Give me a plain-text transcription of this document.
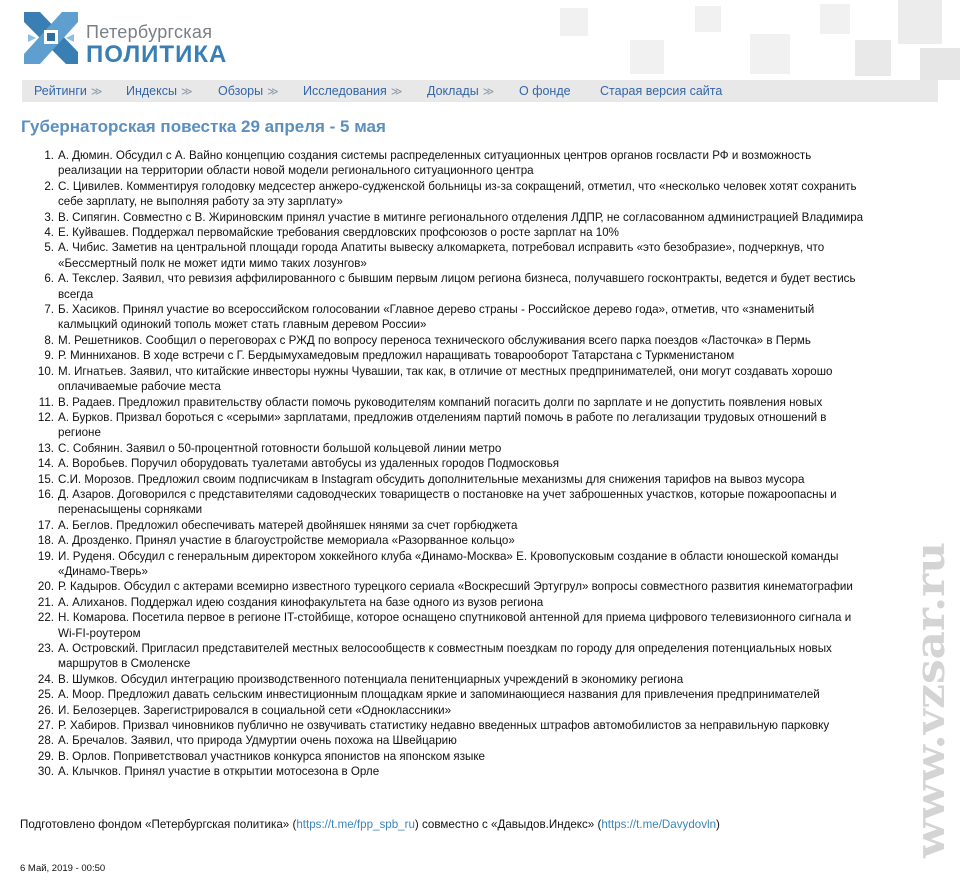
Петербургская
ПОЛИТИКА
Рейтинги ≫ Индексы ≫ Обзоры ≫ Исследования ≫ Доклады ≫ О фонде Старая версия сайта
Губернаторская повестка 29 апреля - 5 мая
1. А. Дюмин. Обсудил с А. Вайно концепцию создания системы распределенных ситуационных центров органов госвласти РФ и возможность
реализации на территории области новой модели регионального ситуационного центра
2. С. Цивилев. Комментируя голодовку медсестер анжеро-судженской больницы из-за сокращений, отметил, что «несколько человек хотят сохранить
себе зарплату, не выполняя работу за эту зарплату»
3. В. Сипягин. Совместно с В. Жириновским принял участие в митинге регионального отделения ЛДПР, не согласованном администрацией Владимира
4. Е. Куйвашев. Поддержал первомайские требования свердловских профсоюзов о росте зарплат на 10%
5. А. Чибис. Заметив на центральной площади города Апатиты вывеску алкомаркета, потребовал исправить «это безобразие», подчеркнув, что
«Бессмертный полк не может идти мимо таких лозунгов»
6. А. Текслер. Заявил, что ревизия аффилированного с бывшим первым лицом региона бизнеса, получавшего госконтракты, ведется и будет вестись
всегда
7. Б. Хасиков. Принял участие во всероссийском голосовании «Главное дерево страны - Российское дерево года», отметив, что «знаменитый
калмыцкий одинокий тополь может стать главным деревом России»
8. М. Решетников. Сообщил о переговорах с РЖД по вопросу переноса технического обслуживания всего парка поездов «Ласточка» в Пермь
9. Р. Минниханов. В ходе встречи с Г. Бердымухамедовым предложил наращивать товарооборот Татарстана с Туркменистаном
10. М. Игнатьев. Заявил, что китайские инвесторы нужны Чувашии, так как, в отличие от местных предпринимателей, они могут создавать хорошо
оплачиваемые рабочие места
11. В. Радаев. Предложил правительству области помочь руководителям компаний погасить долги по зарплате и не допустить появления новых
12. А. Бурков. Призвал бороться с «серыми» зарплатами, предложив отделениям партий помочь в работе по легализации трудовых отношений в
регионе
13. С. Собянин. Заявил о 50-процентной готовности большой кольцевой линии метро
14. А. Воробьев. Поручил оборудовать туалетами автобусы из удаленных городов Подмосковья
15. С.И. Морозов. Предложил своим подписчикам в Instagram обсудить дополнительные механизмы для снижения тарифов на вывоз мусора
16. Д. Азаров. Договорился с представителями садоводческих товариществ о постановке на учет заброшенных участков, которые пожароопасны и
перенасыщены сорняками
17. А. Беглов. Предложил обеспечивать матерей двойняшек нянями за счет горбюджета
18. А. Дрозденко. Принял участие в благоустройстве мемориала «Разорванное кольцо»
19. И. Руденя. Обсудил с генеральным директором хоккейного клуба «Динамо-Москва» Е. Кровопусковым создание в области юношеской команды
«Динамо-Тверь»
20. Р. Кадыров. Обсудил с актерами всемирно известного турецкого сериала «Воскресший Эртугрул» вопросы совместного развития кинематографии
21. А. Алиханов. Поддержал идею создания кинофакультета на базе одного из вузов региона
22. Н. Комарова. Посетила первое в регионе IT-стойбище, которое оснащено спутниковой антенной для приема цифрового телевизионного сигнала и
Wi-FI-роутером
23. А. Островский. Пригласил представителей местных велосообществ к совместным поездкам по городу для определения потенциальных новых
маршрутов в Смоленске
24. В. Шумков. Обсудил интеграцию производственного потенциала пенитенциарных учреждений в экономику региона
25. А. Моор. Предложил давать сельским инвестиционным площадкам яркие и запоминающиеся названия для привлечения предпринимателей
26. И. Белозерцев. Зарегистрировался в социальной сети «Одноклассники»
27. Р. Хабиров. Призвал чиновников публично не озвучивать статистику недавно введенных штрафов автомобилистов за неправильную парковку
28. А. Бречалов. Заявил, что природа Удмуртии очень похожа на Швейцарию
29. В. Орлов. Поприветствовал участников конкурса японистов на японском языке
30. А. Клычков. Принял участие в открытии мотосезона в Орле
Подготовлено фондом «Петербургская политика» (https://t.me/fpp_spb_ru) совместно с «Давыдов.Индекс» (https://t.me/Davydovln)
6 Май, 2019 - 00:50
www.vzsar.ru
